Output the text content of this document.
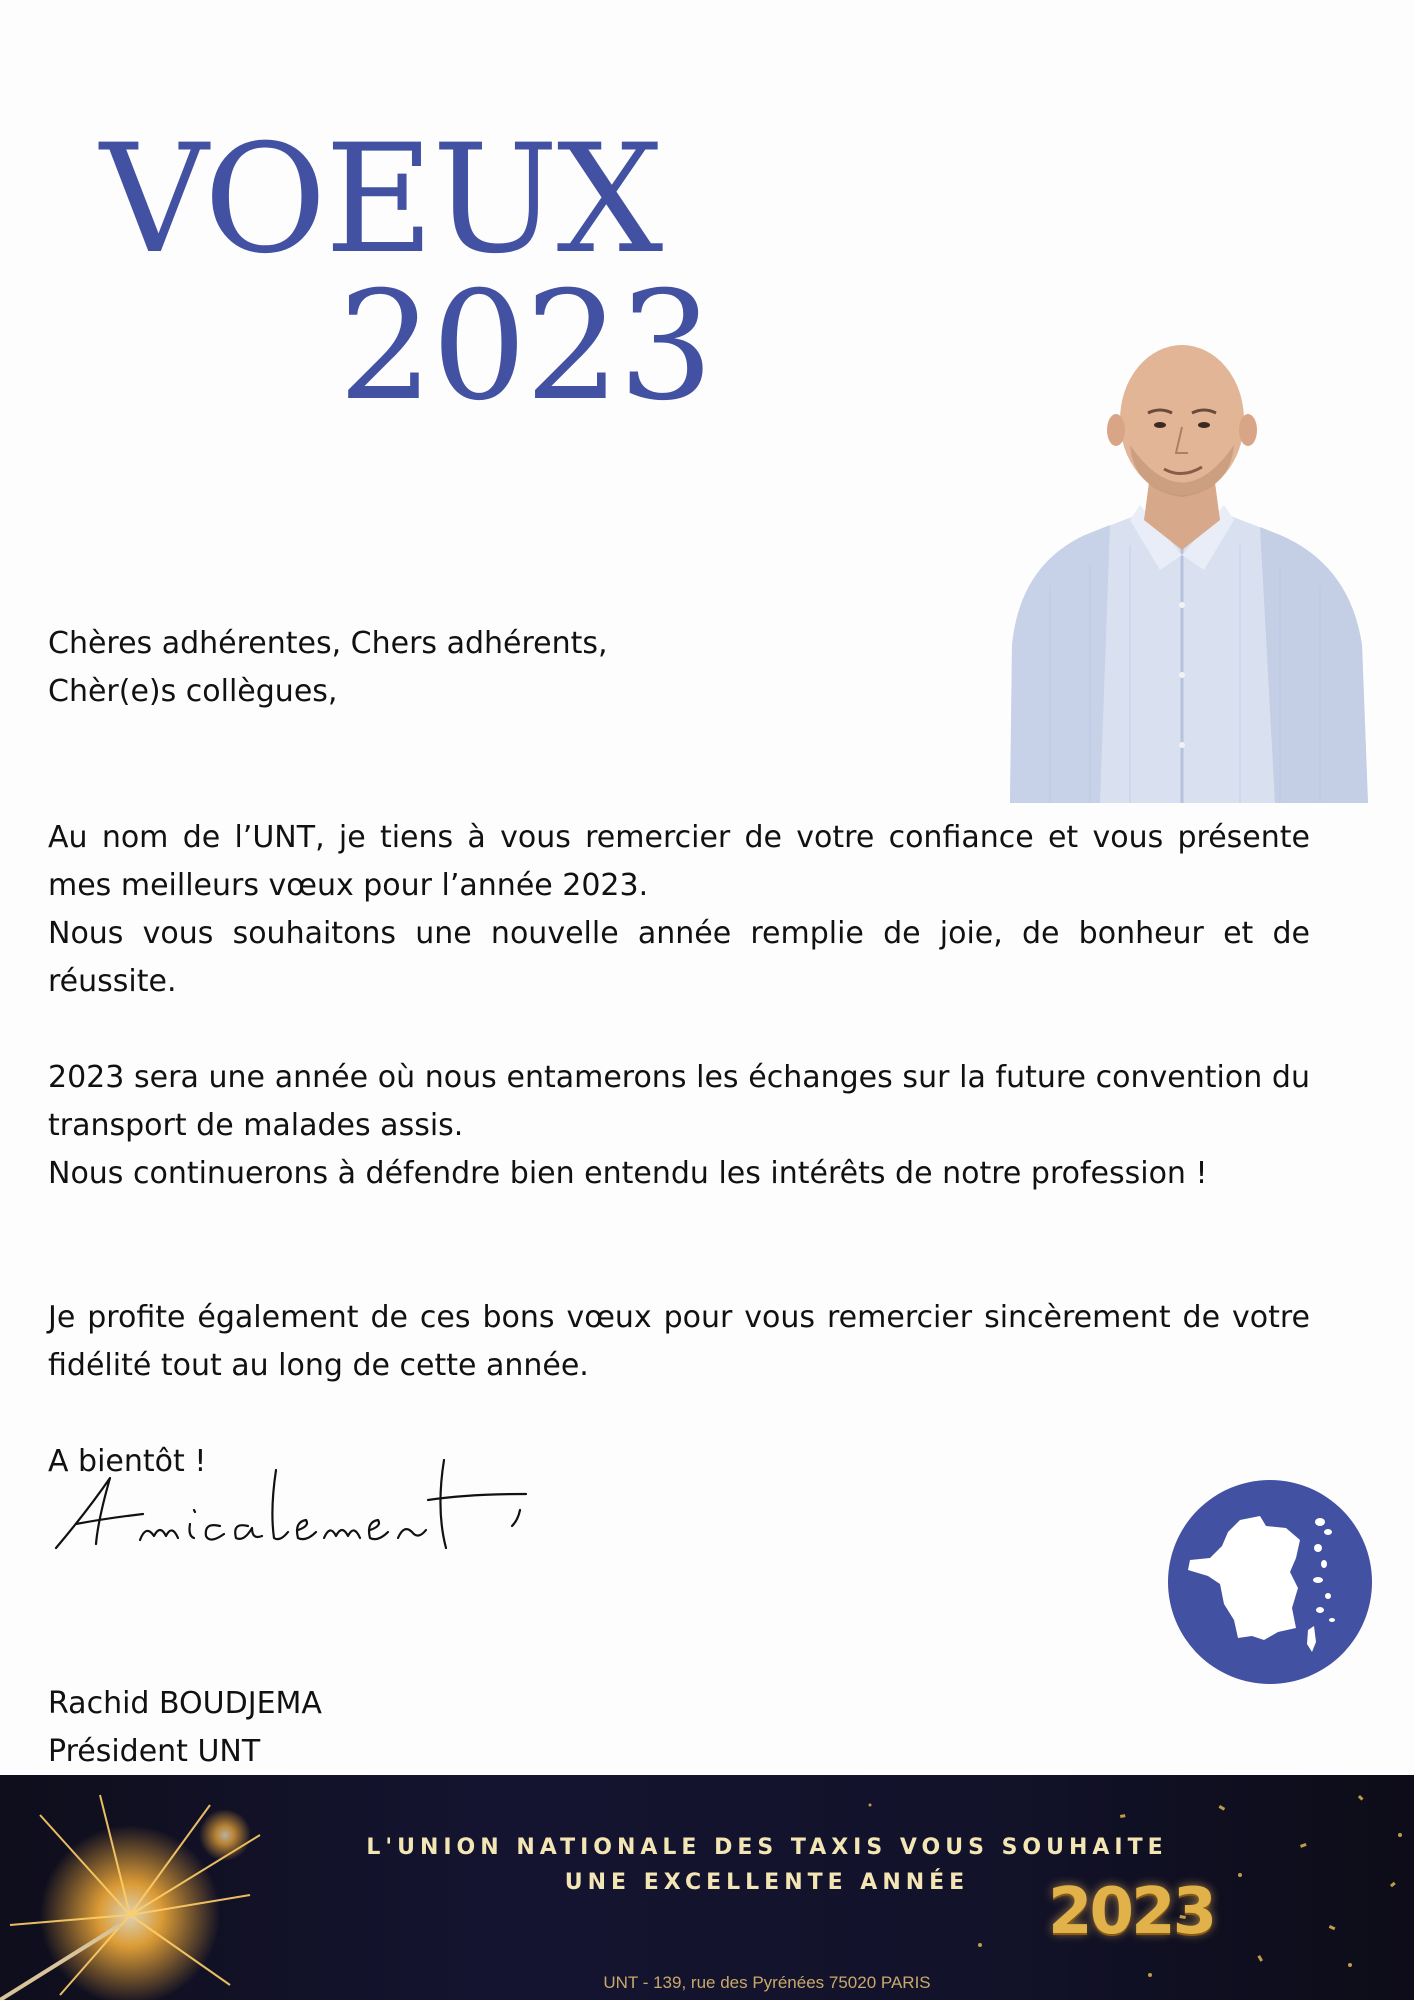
VOEUX
2023
Chères adhérentes, Chers adhérents,
Chèr(e)s collègues,
Au nom de l’UNT, je tiens à vous remercier de votre confiance et vous présente mes meilleurs vœux pour l’année 2023.
Nous vous souhaitons une nouvelle année remplie de joie, de bonheur et de réussite.
2023 sera une année où nous entamerons les échanges sur la future convention du transport de malades assis.
Nous continuerons à défendre bien entendu les intérêts de notre profession !
Je profite également de ces bons vœux pour vous remercier sincèrement de votre fidélité tout au long de cette année.
A bientôt !
Rachid BOUDJEMA
Président UNT
L'UNION NATIONALE DES TAXIS VOUS SOUHAITE
UNE EXCELLENTE ANNÉE	2023
UNT - 139, rue des Pyrénées 75020 PARIS
